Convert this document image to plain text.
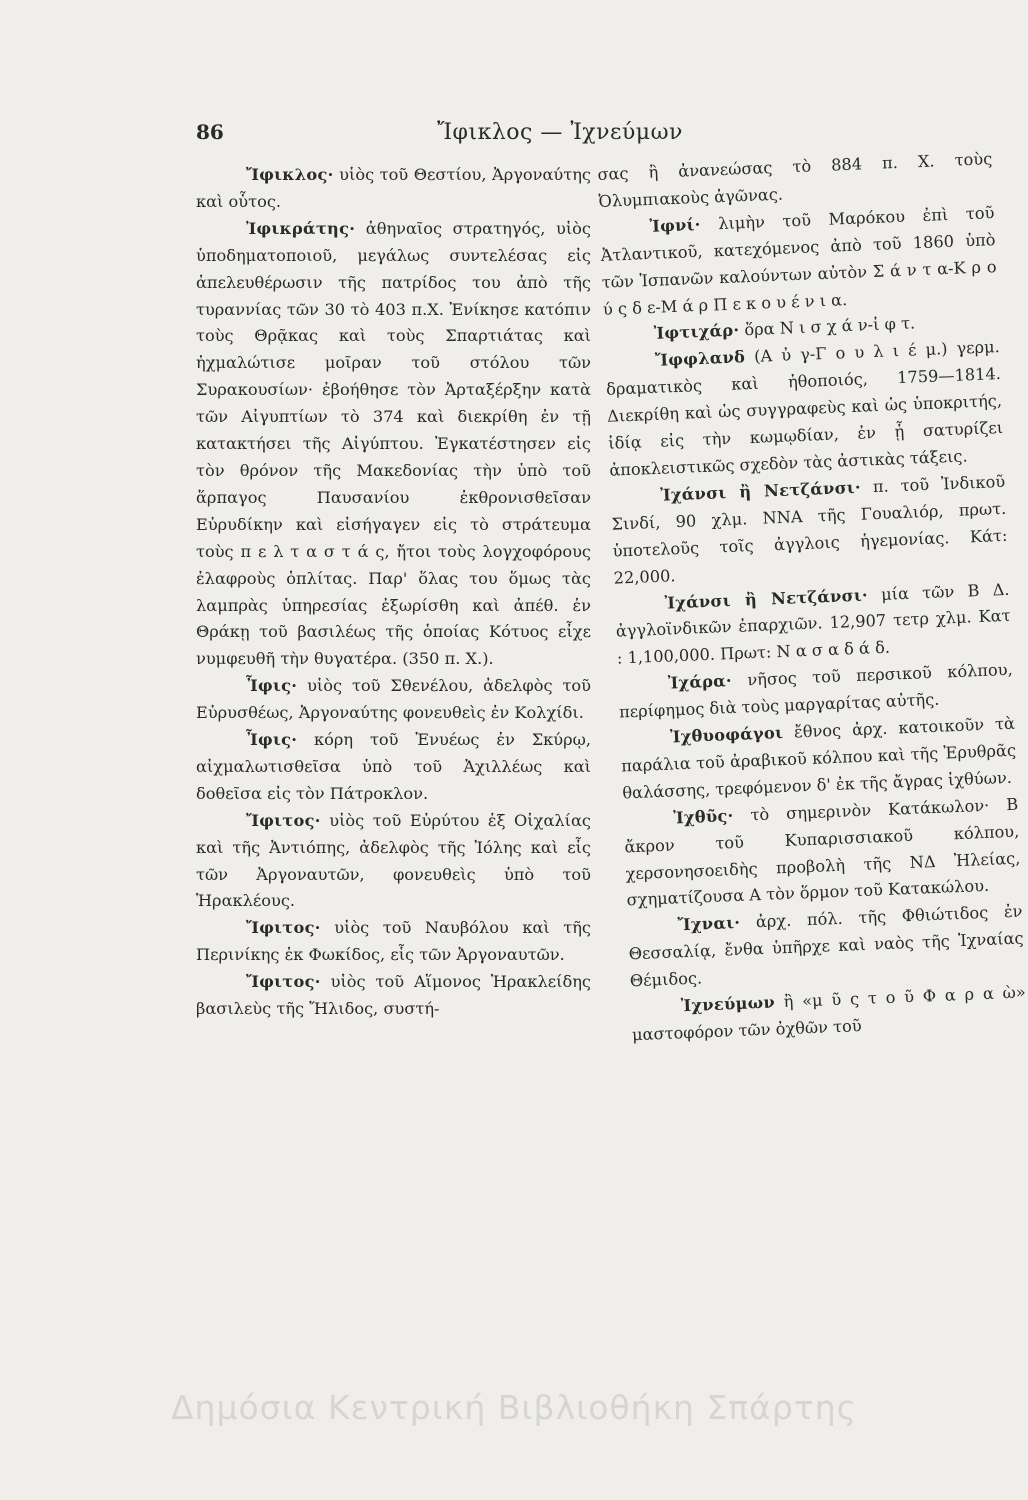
86	Ἴφικλος — Ἰχνεύμων

Ἴφικλος· υἱὸς τοῦ Θεστίου, Ἀργοναύτης καὶ οὗτος.

Ἰφικράτης· ἀθηναῖος στρατηγός, υἱὸς ὑποδηματοποιοῦ, μεγάλως συντελέσας εἰς ἀπελευθέρωσιν τῆς πατρίδος του ἀπὸ τῆς τυραννίας τῶν 30 τὸ 403 π.Χ. Ἐνίκησε κατόπιν τοὺς Θρᾷκας καὶ τοὺς Σπαρτιάτας καὶ ἠχμαλώτισε μοῖραν τοῦ στόλου τῶν Συρακουσίων· ἐβοήθησε τὸν Ἀρταξέρξην κατὰ τῶν Αἰγυπτίων τὸ 374 καὶ διεκρίθη ἐν τῇ κατακτήσει τῆς Αἰγύπτου. Ἐγκατέστησεν εἰς τὸν θρόνον τῆς Μακεδονίας τὴν ὑπὸ τοῦ ἅρπαγος Παυσανίου ἐκθρονισθεῖσαν Εὐρυδίκην καὶ εἰσήγαγεν εἰς τὸ στράτευμα τοὺς π ε λ τ α σ τ ά ς, ἤτοι τοὺς λογχοφόρους ἐλαφροὺς ὁπλίτας. Παρ' ὅλας του ὅμως τὰς λαμπρὰς ὑπηρεσίας ἐξωρίσθη καὶ ἀπέθ. ἐν Θράκῃ τοῦ βασιλέως τῆς ὁποίας Κότυος εἶχε νυμφευθῆ τὴν θυγατέρα. (350 π. Χ.).

Ἶφις· υἱὸς τοῦ Σθενέλου, ἀδελφὸς τοῦ Εὐρυσθέως, Ἀργοναύτης φονευθεὶς ἐν Κολχίδι.

Ἶφις· κόρη τοῦ Ἐνυέως ἐν Σκύρῳ, αἰχμαλωτισθεῖσα ὑπὸ τοῦ Ἀχιλλέως καὶ δοθεῖσα εἰς τὸν Πάτροκλον.

Ἴφιτος· υἱὸς τοῦ Εὐρύτου ἐξ Οἰχαλίας καὶ τῆς Ἀντιόπης, ἀδελφὸς τῆς Ἰόλης καὶ εἷς τῶν Ἀργοναυτῶν, φονευθεὶς ὑπὸ τοῦ Ἡρακλέους.

Ἴφιτος· υἱὸς τοῦ Ναυβόλου καὶ τῆς Περινίκης ἐκ Φωκίδος, εἷς τῶν Ἀργοναυτῶν.

Ἴφιτος· υἱὸς τοῦ Αἵμονος Ἡρακλείδης βασιλεὺς τῆς Ἤλιδος, συστή-

σας ἢ ἀνανεώσας τὸ 884 π. Χ. τοὺς Ὀλυμπιακοὺς ἀγῶνας.

Ἰφνί· λιμὴν τοῦ Μαρόκου ἐπὶ τοῦ Ἀτλαντικοῦ, κατεχόμενος ἀπὸ τοῦ 1860 ὑπὸ τῶν Ἱσπανῶν καλούντων αὐτὸν Σ ά ν τ α-Κ ρ ο ύ ς δ ε-Μ ά ρ Π ε κ ο υ έ ν ι α.

Ἰφτιχάρ· ὅρα Ν ι σ χ ά ν-ἰ φ τ.

Ἴφφλανδ (Α ὐ γ-Γ ο υ λ ι έ μ.) γερμ. δραματικὸς καὶ ἠθοποιός, 1759—1814. Διεκρίθη καὶ ὡς συγγραφεὺς καὶ ὡς ὑποκριτής, ἰδίᾳ εἰς τὴν κωμῳδίαν, ἐν ᾗ σατυρίζει ἀποκλειστικῶς σχεδὸν τὰς ἀστικὰς τάξεις.

Ἰχάνσι ἢ Νετζάνσι· π. τοῦ Ἰνδικοῦ Σινδί, 90 χλμ. ΝΝΑ τῆς Γουαλιόρ, πρωτ. ὑποτελοῦς τοῖς ἀγγλοις ἡγεμονίας. Κάτ: 22,000.

Ἰχάνσι ἢ Νετζάνσι· μία τῶν Β Δ. ἀγγλοϊνδικῶν ἐπαρχιῶν. 12,907 τετρ χλμ. Κατ : 1,100,000. Πρωτ: Ν α σ α δ ά δ.

Ἰχάρα· νῆσος τοῦ περσικοῦ κόλπου, περίφημος διὰ τοὺς μαργαρίτας αὐτῆς.

Ἰχθυοφάγοι ἔθνος ἀρχ. κατοικοῦν τὰ παράλια τοῦ ἀραβικοῦ κόλπου καὶ τῆς Ἐρυθρᾶς θαλάσσης, τρεφόμενον δ' ἐκ τῆς ἄγρας ἰχθύων.

Ἰχθῦς· τὸ σημερινὸν Κατάκωλον· Β ἄκρον τοῦ Κυπαρισσιακοῦ κόλπου, χερσονησοειδὴς προβολὴ τῆς ΝΔ Ἠλείας, σχηματίζουσα Α τὸν ὅρμον τοῦ Κατακώλου.

Ἴχναι· ἀρχ. πόλ. τῆς Φθιώτιδος ἐν Θεσσαλίᾳ, ἔνθα ὑπῆρχε καὶ ναὸς τῆς Ἰχναίας Θέμιδος.

Ἰχνεύμων ἢ «μ ῦ ς τ ο ῦ Φ α ρ α ὼ» μαστοφόρον τῶν ὀχθῶν τοῦ

Δημόσια Κεντρική Βιβλιοθήκη Σπάρτης
